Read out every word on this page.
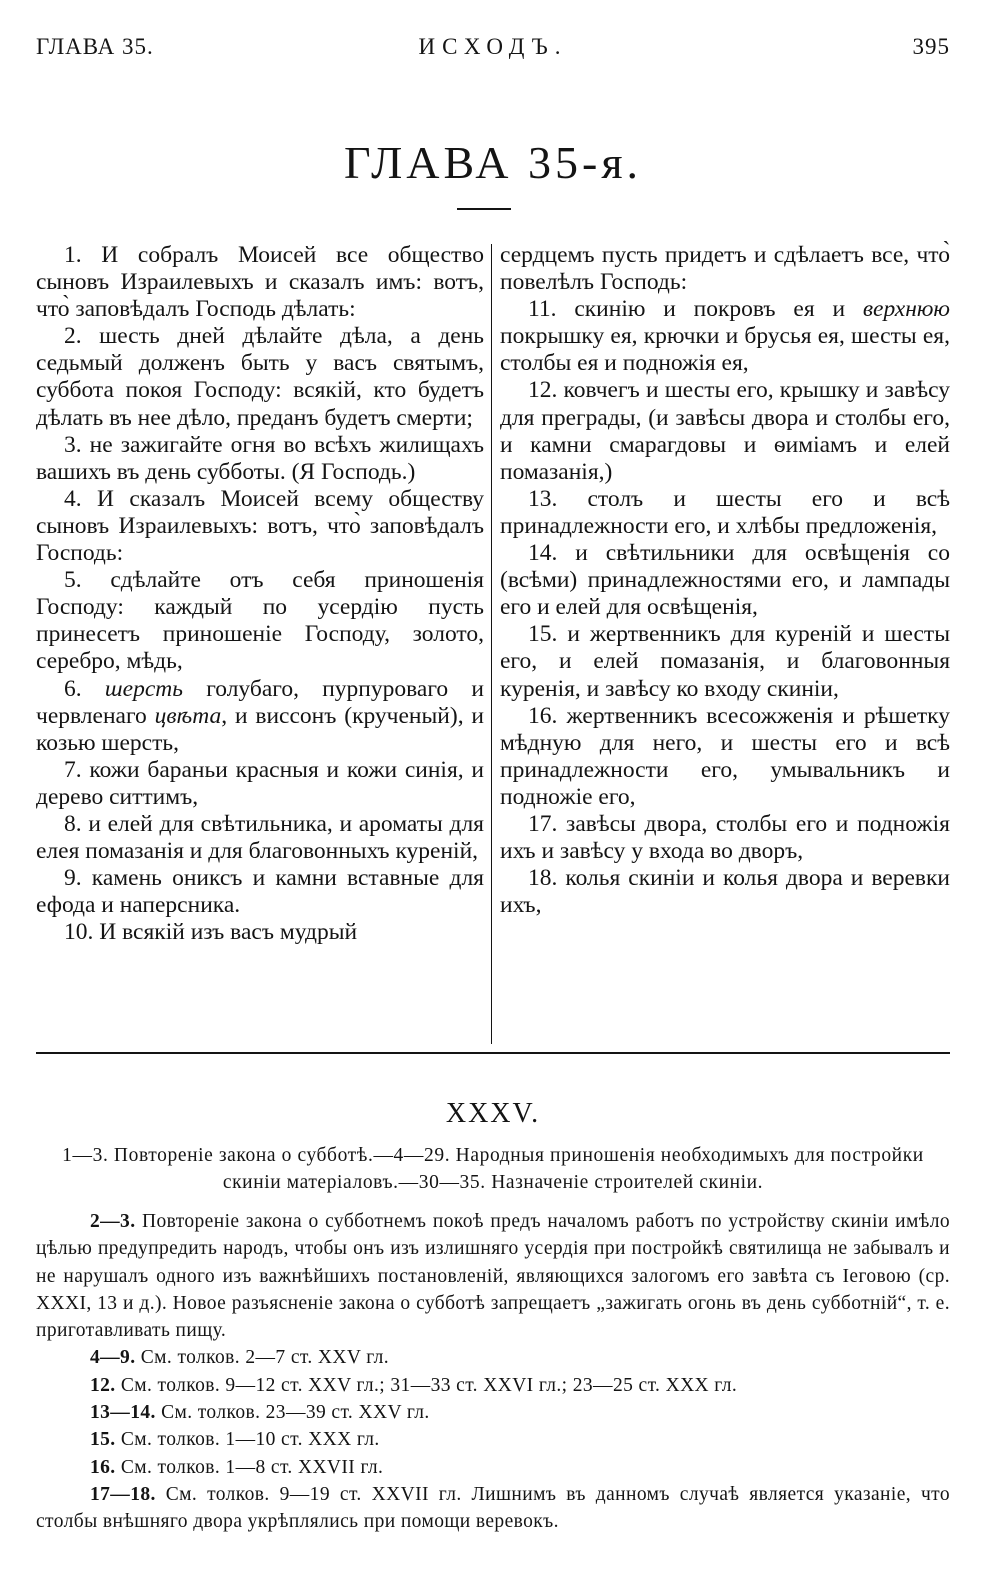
ГЛАВА 35.	ИСХОДЪ.	395
ГЛАВА 35-я.

1. И собралъ Моисей все общество сыновъ Израилевыхъ и сказалъ имъ: вотъ, что̀ заповѣдалъ Господь дѣлать:

2. шесть дней дѣлайте дѣла, а день седьмый долженъ быть у васъ святымъ, суббота покоя Господу: всякій, кто будетъ дѣлать въ нее дѣло, преданъ будетъ смерти;

3. не зажигайте огня во всѣхъ жилищахъ вашихъ въ день субботы. (Я Господь.)

4. И сказалъ Моисей всему обществу сыновъ Израилевыхъ: вотъ, что̀ заповѣдалъ Господь:

5. сдѣлайте отъ себя приношенія Господу: каждый по усердію пусть принесетъ приношеніе Господу, золото, серебро, мѣдь,

6. шерсть голубаго, пурпуроваго и червленаго цвѣта, и виссонъ (крученый), и козью шерсть,

7. кожи бараньи красныя и кожи синія, и дерево ситтимъ,

8. и елей для свѣтильника, и ароматы для елея помазанія и для благовонныхъ куреній,

9. камень ониксъ и камни вставные для ефода и наперсника.

10. И всякій изъ васъ мудрый

сердцемъ пусть придетъ и сдѣлаетъ все, что̀ повелѣлъ Господь:

11. скинію и покровъ ея и верхнюю покрышку ея, крючки и брусья ея, шесты ея, столбы ея и подножія ея,

12. ковчегъ и шесты его, крышку и завѣсу для преграды, (и завѣсы двора и столбы его, и камни смарагдовы и ѳиміамъ и елей помазанія,)

13. столъ и шесты его и всѣ принадлежности его, и хлѣбы предложенія,

14. и свѣтильники для освѣщенія со (всѣми) принадлежностями его, и лампады его и елей для освѣщенія,

15. и жертвенникъ для куреній и шесты его, и елей помазанія, и благовонныя куренія, и завѣсу ко входу скиніи,

16. жертвенникъ всесожженія и рѣшетку мѣдную для него, и шесты его и всѣ принадлежности его, умывальникъ и подножіе его,

17. завѣсы двора, столбы его и подножія ихъ и завѣсу у входа во дворъ,

18. колья скиніи и колья двора и веревки ихъ,

XXXV.
1—3. Повтореніе закона о субботѣ.—4—29. Народныя приношенія необходимыхъ для постройки скиніи матеріаловъ.—30—35. Назначеніе строителей скиніи.

2—3. Повтореніе закона о субботнемъ покоѣ предъ началомъ работъ по устройству скиніи имѣло цѣлью предупредить народъ, чтобы онъ изъ излишняго усердія при постройкѣ святилища не забывалъ и не нарушалъ одного изъ важнѣйшихъ постановленій, являющихся залогомъ его завѣта съ Іеговою (ср. XXXI, 13 и д.). Новое разъясненіе закона о субботѣ запрещаетъ „зажигать огонь въ день субботній“, т. е. приготавливать пищу.

4—9. См. толков. 2—7 ст. XXV гл.

12. См. толков. 9—12 ст. XXV гл.; 31—33 ст. XXVI гл.; 23—25 ст. XXX гл.

13—14. См. толков. 23—39 ст. XXV гл.

15. См. толков. 1—10 ст. XXX гл.

16. См. толков. 1—8 ст. XXVII гл.

17—18. См. толков. 9—19 ст. XXVII гл. Лишнимъ въ данномъ случаѣ является указаніе, что столбы внѣшняго двора укрѣплялись при помощи веревокъ.
